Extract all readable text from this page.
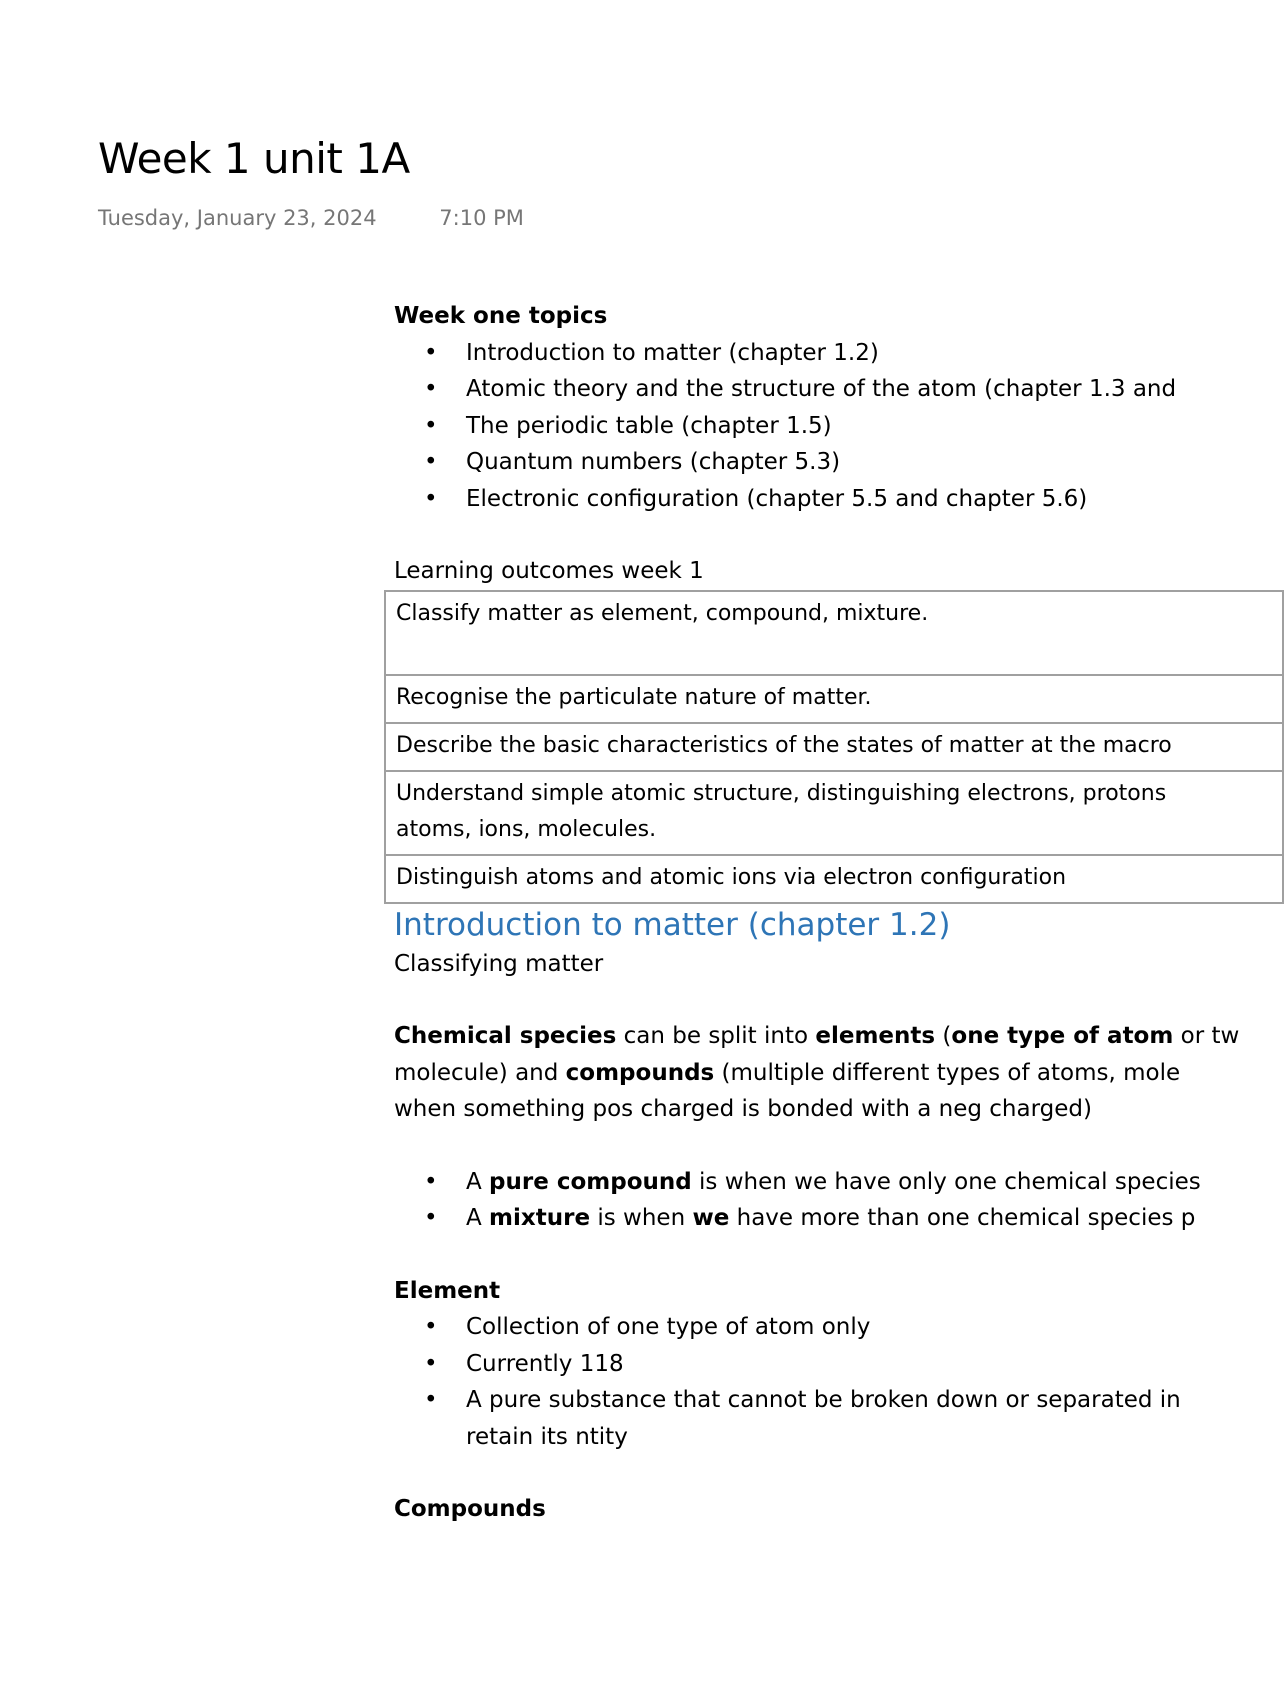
Week 1 unit 1A
Tuesday, January 23, 2024	7:10 PM

Week one topics

• Introduction to matter (chapter 1.2)
• Atomic theory and the structure of the atom (chapter 1.3 and
• The periodic table (chapter 1.5)
• Quantum numbers (chapter 5.3)
• Electronic configuration (chapter 5.5 and chapter 5.6)

Learning outcomes week 1

Classify matter as element, compound, mixture.
Recognise the particulate nature of matter.
Describe the basic characteristics of the states of matter at the macro

Understand simple atomic structure, distinguishing electrons, protons
atoms, ions, molecules.

Distinguish atoms and atomic ions via electron configuration

Introduction to matter (chapter 1.2)

Classifying matter

Chemical species can be split into elements (one type of atom or tw

molecule) and compounds (multiple different types of atoms, mole

when something pos charged is bonded with a neg charged)

• A pure compound is when we have only one chemical species
• A mixture is when we have more than one chemical species p

Element

• Collection of one type of atom only
• Currently 118
• A pure substance that cannot be broken down or separated in
retain its ntity

Compounds
